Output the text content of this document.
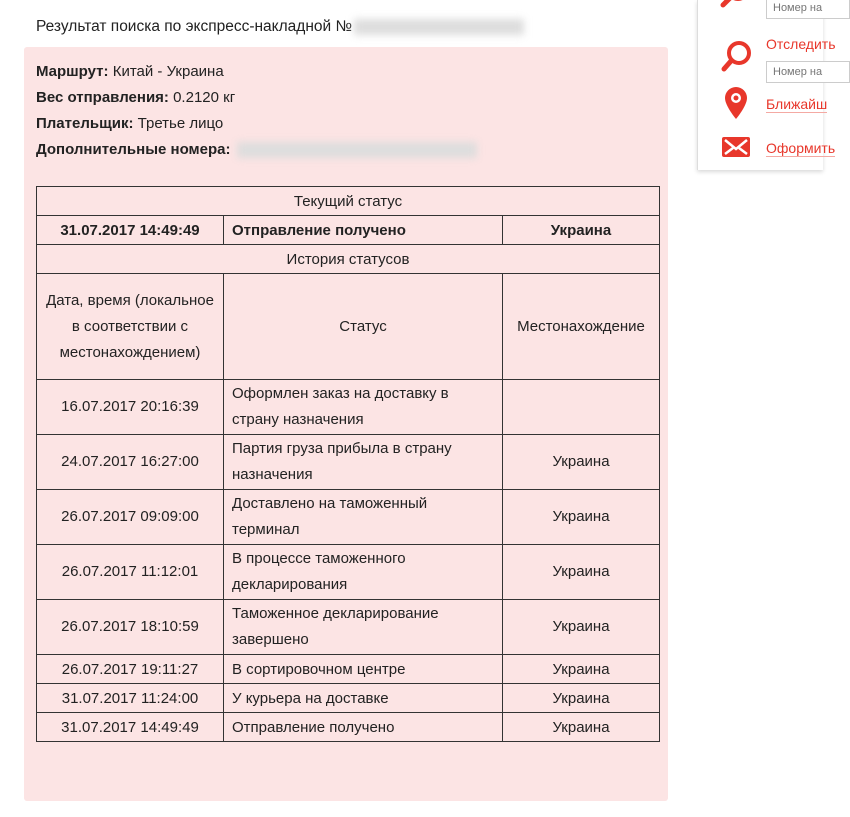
Результат поиска по экспресс-накладной №
Маршрут: Китай - Украина
Вес отправления: 0.2120 кг
Плательщик: Третье лицо
Дополнительные номера:
Текущий статус		
31.07.2017 14:49:49	Отправление получено	Украина
История статусов		
Дата, время (локальное в соответствии с местонахождением)	Статус	Местонахождение
16.07.2017 20:16:39	Оформлен заказ на доставку в страну назначения	
24.07.2017 16:27:00	Партия груза прибыла в страну назначения	Украина
26.07.2017 09:09:00	Доставлено на таможенный терминал	Украина
26.07.2017 11:12:01	В процессе таможенного декларирования	Украина
26.07.2017 18:10:59	Таможенное декларирование завершено	Украина
26.07.2017 19:11:27	В сортировочном центре	Украина
31.07.2017 11:24:00	У курьера на доставке	Украина
31.07.2017 14:49:49	Отправление получено	Украина
Номер на
Отследить
Номер на
Ближайш
Оформить
